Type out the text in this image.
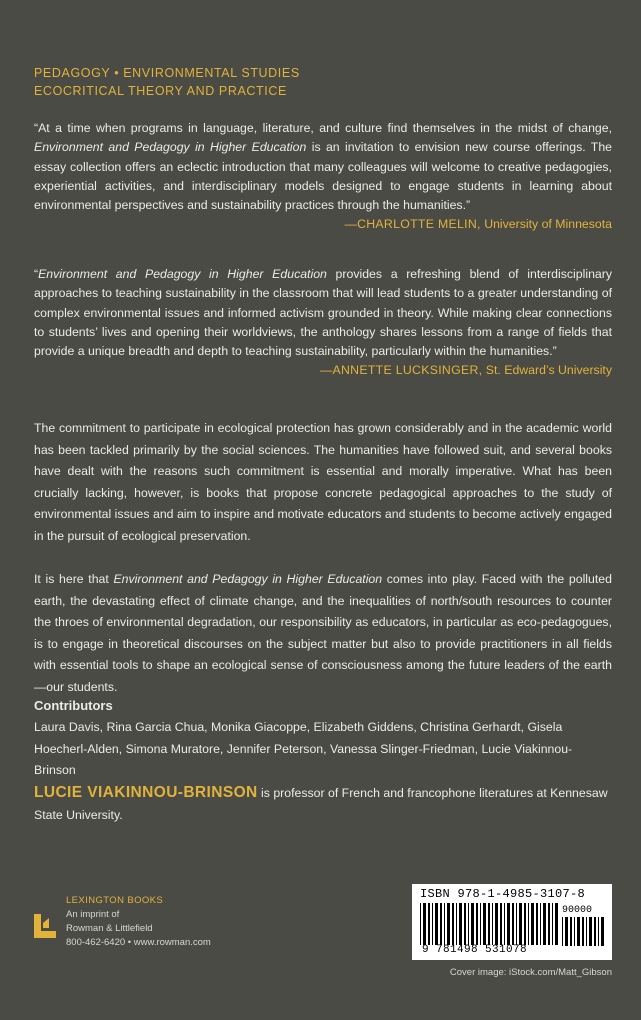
PEDAGOGY • ENVIRONMENTAL STUDIES
ECOCRITICAL THEORY AND PRACTICE
“At a time when programs in language, literature, and culture find themselves in the midst of change, Environment and Pedagogy in Higher Education is an invitation to envision new course offerings. The essay collection offers an eclectic introduction that many colleagues will welcome to creative pedagogies, experiential activities, and interdisciplinary models designed to engage students in learning about environmental perspectives and sustainability practices through the humanities.”
—CHARLOTTE MELIN, University of Minnesota
“Environment and Pedagogy in Higher Education provides a refreshing blend of interdisciplinary approaches to teaching sustainability in the classroom that will lead students to a greater understanding of complex environmental issues and informed activism grounded in theory. While making clear connections to students’ lives and opening their worldviews, the anthology shares lessons from a range of fields that provide a unique breadth and depth to teaching sustainability, particularly within the humanities.”
—ANNETTE LUCKSINGER, St. Edward’s University
The commitment to participate in ecological protection has grown considerably and in the academic world has been tackled primarily by the social sciences. The humanities have followed suit, and several books have dealt with the reasons such commitment is essential and morally imperative. What has been crucially lacking, however, is books that propose concrete pedagogical approaches to the study of environmental issues and aim to inspire and motivate educators and students to become actively engaged in the pursuit of ecological preservation.
It is here that Environment and Pedagogy in Higher Education comes into play. Faced with the polluted earth, the devastating effect of climate change, and the inequalities of north/south resources to counter the throes of environmental degradation, our responsibility as educators, in particular as eco-pedagogues, is to engage in theoretical discourses on the subject matter but also to provide practitioners in all fields with essential tools to shape an ecological sense of consciousness among the future leaders of the earth—our students.
Contributors
Laura Davis, Rina Garcia Chua, Monika Giacoppe, Elizabeth Giddens, Christina Gerhardt, Gisela Hoecherl-Alden, Simona Muratore, Jennifer Peterson, Vanessa Slinger-Friedman, Lucie Viakinnou-Brinson
LUCIE VIAKINNOU-BRINSON is professor of French and francophone literatures at Kennesaw State University.
LEXINGTON BOOKS
An imprint of
Rowman & Littlefield
800-462-6420 • www.rowman.com
ISBN 978-1-4985-3107-8
90000
9 781498 531078
Cover image: iStock.com/Matt_Gibson
